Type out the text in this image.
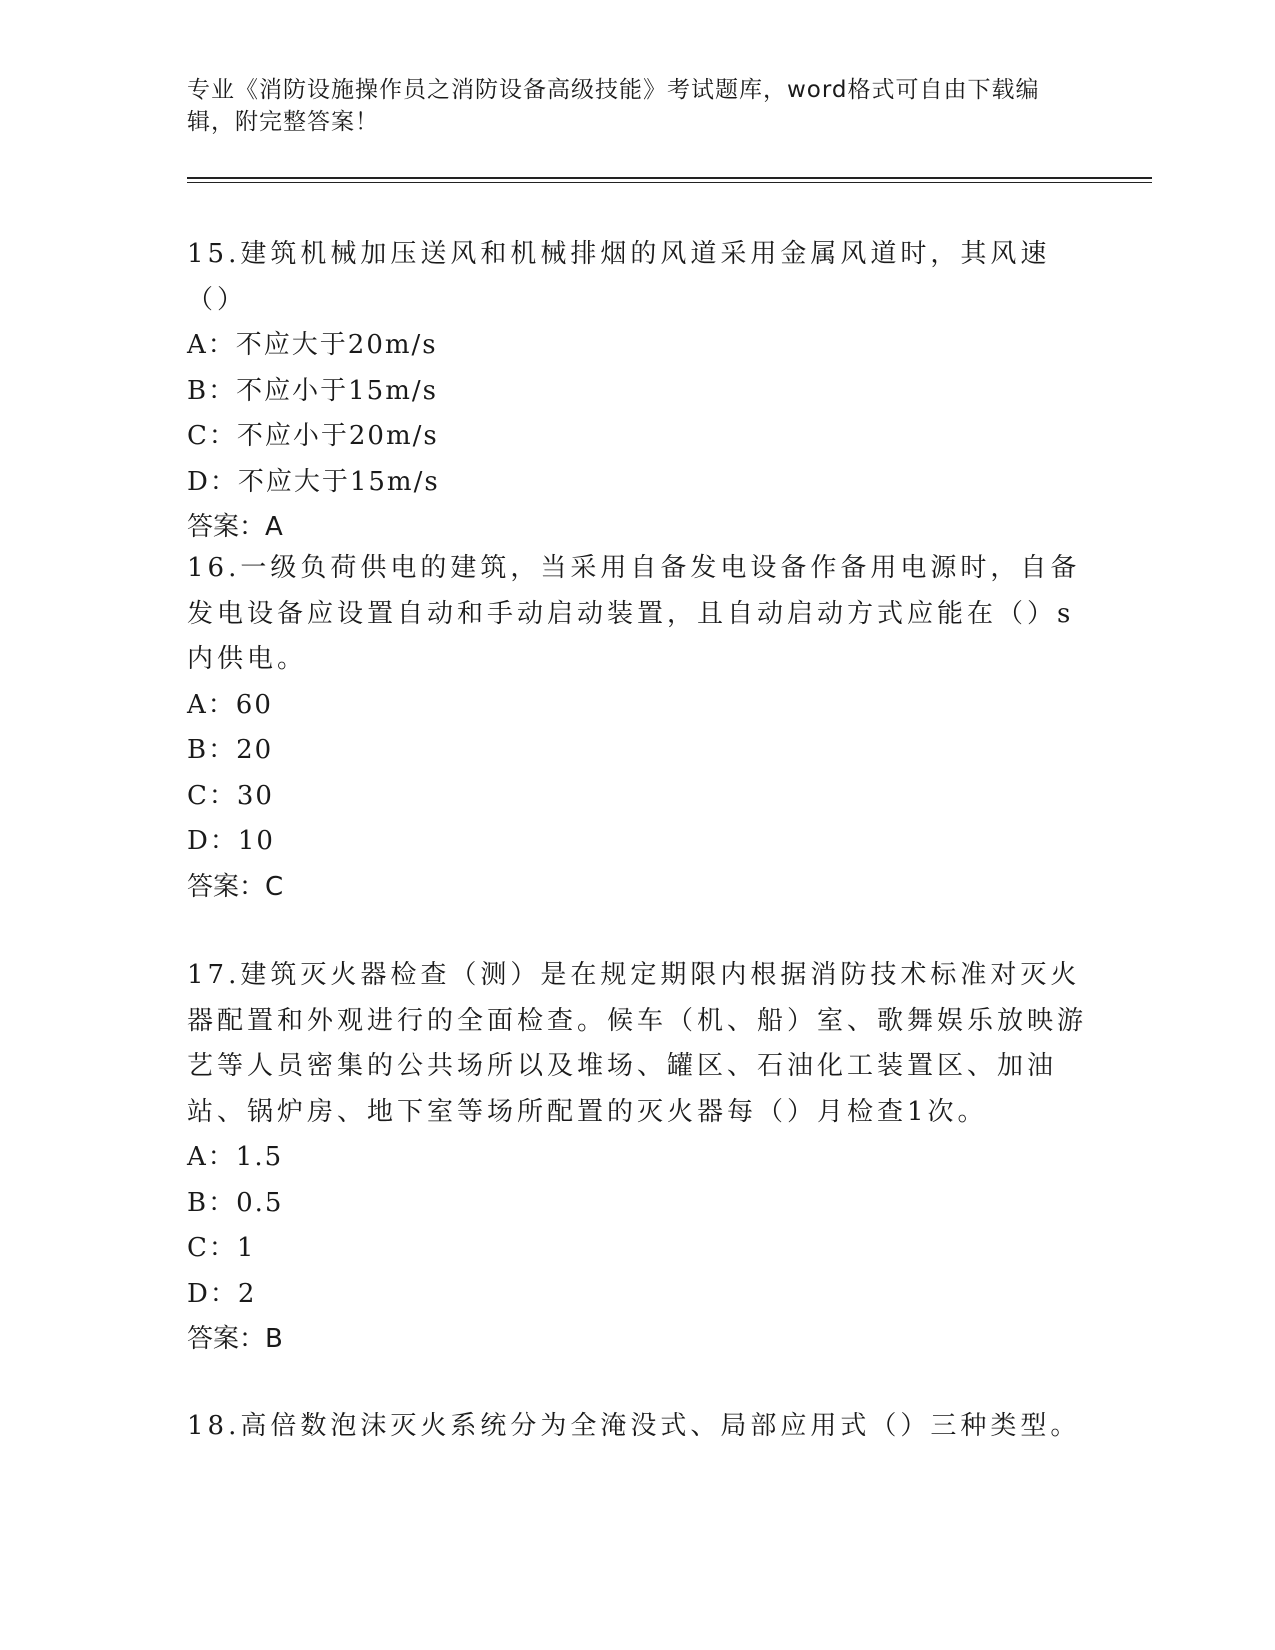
专业《消防设施操作员之消防设备高级技能》考试题库，word格式可自由下载编辑，附完整答案！
15.建筑机械加压送风和机械排烟的风道采用金属风道时，其风速（）
A：不应大于20m/s
B：不应小于15m/s
C：不应小于20m/s
D：不应大于15m/s
答案：A
16.一级负荷供电的建筑，当采用自备发电设备作备用电源时，自备发电设备应设置自动和手动启动装置，且自动启动方式应能在（）s内供电。
A：60
B：20
C：30
D：10
答案：C
17.建筑灭火器检查（测）是在规定期限内根据消防技术标准对灭火器配置和外观进行的全面检查。候车（机、船）室、歌舞娱乐放映游艺等人员密集的公共场所以及堆场、罐区、石油化工装置区、加油站、锅炉房、地下室等场所配置的灭火器每（）月检查1次。
A：1.5
B：0.5
C：1
D：2
答案：B
18.高倍数泡沫灭火系统分为全淹没式、局部应用式（）三种类型。
